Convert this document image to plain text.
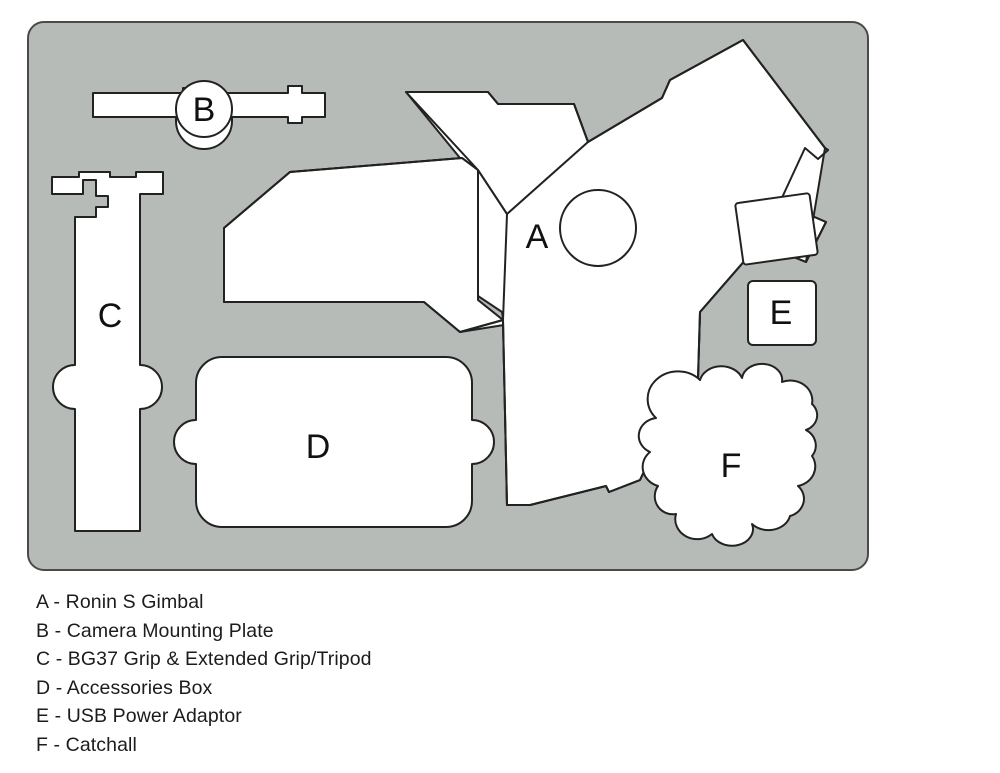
B
C
D
A
E
F
A - Ronin S Gimbal
B - Camera Mounting Plate
C - BG37 Grip & Extended Grip/Tripod
D - Accessories Box
E - USB Power Adaptor
F - Catchall
